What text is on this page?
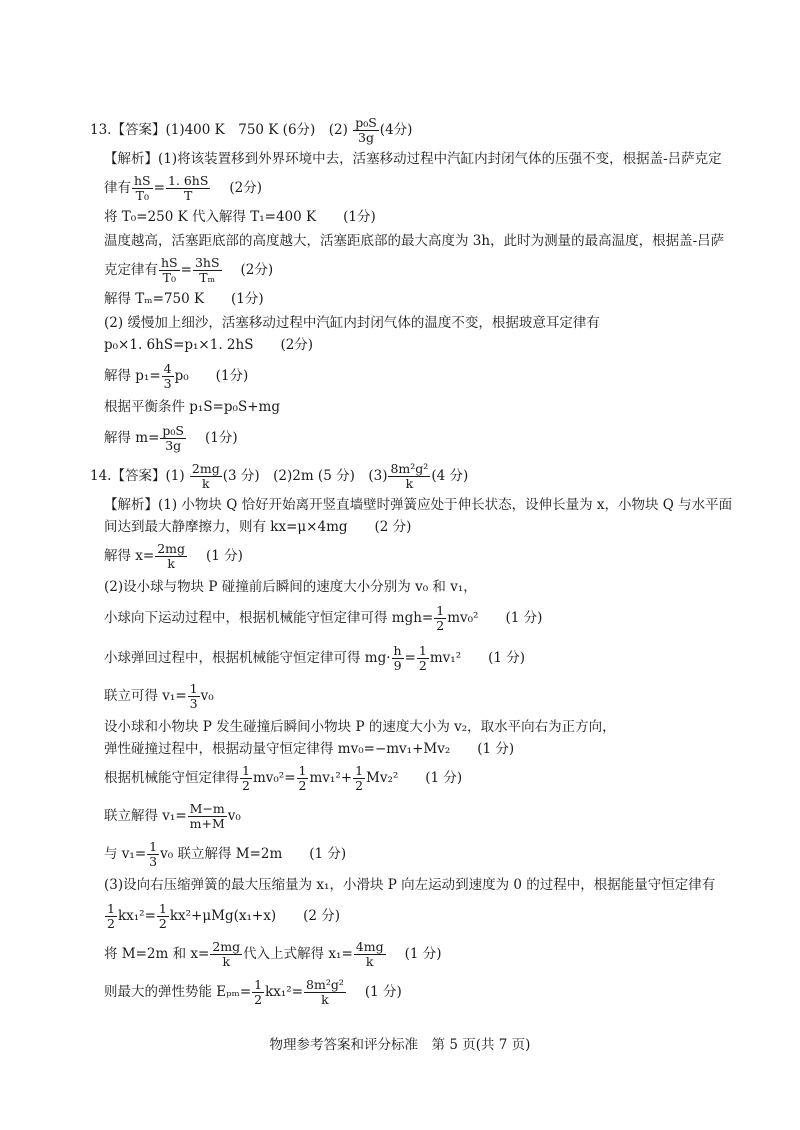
13.【答案】(1)400 K　750 K (6分)　$(2) \frac{\text{p₀S}}{3g} (4$分)
【解析】(1)将该装置移到外界环境中去，活塞移动过程中汽缸内封闭气体的压强不变，根据盖-吕萨克定
律有 $\frac{hS}{\text{T₀}} = \frac{1. 6hS}{T} (2$分)
将 T₀=250 K 代入解得 T₁=400 K　　(1分)
温度越高，活塞距底部的高度越大，活塞距底部的最大高度为 3h，此时为测量的最高温度，根据盖-吕萨
克定律有 $\frac{hS}{\text{T₀}} = \frac{3hS}{\text{Tₘ}} (2$分)
解得 Tₘ=750 K　　(1分)
(2) 缓慢加上细沙，活塞移动过程中汽缸内封闭气体的温度不变，根据玻意耳定律有
p₀×1. 6hS=p₁×1. 2hS　　(2分)
解得 $p_1= \frac{4}{3} p_0$　　(1分)
根据平衡条件 p₁S=p₀S+mg
解得 $m= \frac{\text{p₀S}}{3g} (1$分)
14.【答案】$(1) \frac{2mg}{k} (3$ 分)　(2)2m (5 分)　$(3) \frac{\text{8m²g²}}{k} (4$ 分)
【解析】(1) 小物块 Q 恰好开始离开竖直墙壁时弹簧应处于伸长状态，设伸长量为 x，小物块 Q 与水平面
间达到最大静摩擦力，则有 kx=μ×4mg　　(2 分)
解得 $x= \frac{2mg}{k} (1$ 分)
(2)设小球与物块 P 碰撞前后瞬间的速度大小分别为 v₀ 和 v₁，
小球向下运动过程中，根据机械能守恒定律可得 $mgh= \frac{1}{2} mv_0^2$　　(1 分)
小球弹回过程中，根据机械能守恒定律可得 $mg\cdot \frac{h}{9} = \frac{1}{2} mv_1^2$　　(1 分)
联立可得 $v_1= \frac{1}{3} v_0$
设小球和小物块 P 发生碰撞后瞬间小物块 P 的速度大小为 v₂，取水平向右为正方向，
弹性碰撞过程中，根据动量守恒定律得 mv₀=−mv₁+Mv₂　　(1 分)
根据机械能守恒定律得 $\frac{1}{2} mv_0^2= \frac{1}{2} mv_1^2+ \frac{1}{2} Mv_2^2$　　(1 分)
联立解得 $v_1= \frac{M-m}{m+M} v_0$
与 $v_1= \frac{1}{3} v_0$ 联立解得 M=2m　　(1 分)
(3)设向右压缩弹簧的最大压缩量为 x₁，小滑块 P 向左运动到速度为 0 的过程中，根据能量守恒定律有
$\frac{1}{2} kx_1^2= \frac{1}{2} kx^2+\mu Mg(x_1+x)$　　(2 分)
将 M=2m 和 $x= \frac{2mg}{k}$ 代入上式解得 $x_1= \frac{4mg}{k} (1$ 分)
则最大的弹性势能 $E_{pm}= \frac{1}{2} kx_1^2= \frac{\text{8m²g²}}{k} (1$ 分)
物理参考答案和评分标准　第 5 页(共 7 页)
